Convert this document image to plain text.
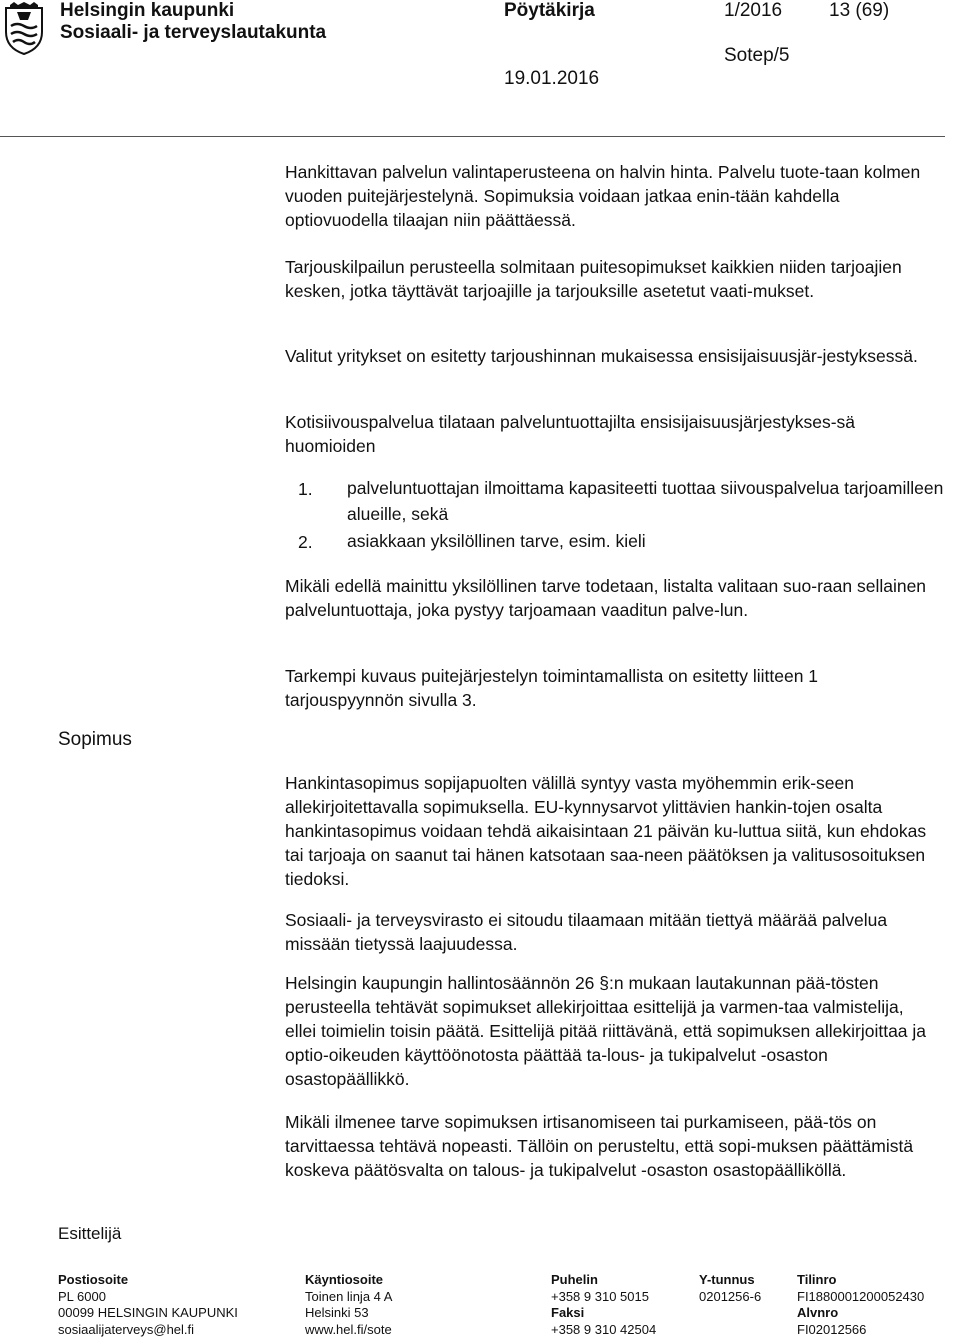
Helsingin kaupunki
Sosiaali- ja terveyslautakunta
Pöytäkirja	1/2016 13 (69)
Sotep/5
19.01.2016

Hankittavan palvelun valintaperusteena on halvin hinta. Palvelu tuote-taan kolmen vuoden puitejärjestelynä. Sopimuksia voidaan jatkaa enin-tään kahdella optiovuodella tilaajan niin päättäessä.

Tarjouskilpailun perusteella solmitaan puitesopimukset kaikkien niiden tarjoajien kesken, jotka täyttävät tarjoajille ja tarjouksille asetetut vaati-mukset.

Valitut yritykset on esitetty tarjoushinnan mukaisessa ensisijaisuusjär-jestyksessä.

Kotisiivouspalvelua tilataan palveluntuottajilta ensisijaisuusjärjestykses-sä huomioiden

1. palveluntuottajan ilmoittama kapasiteetti tuottaa siivouspalvelua tarjoamilleen alueille, sekä
2. asiakkaan yksilöllinen tarve, esim. kieli

Mikäli edellä mainittu yksilöllinen tarve todetaan, listalta valitaan suo-raan sellainen palveluntuottaja, joka pystyy tarjoamaan vaaditun palve-lun.

Tarkempi kuvaus puitejärjestelyn toimintamallista on esitetty liitteen 1 tarjouspyynnön sivulla 3.

Sopimus

Hankintasopimus sopijapuolten välillä syntyy vasta myöhemmin erik-seen allekirjoitettavalla sopimuksella. EU-kynnysarvot ylittävien hankin-tojen osalta hankintasopimus voidaan tehdä aikaisintaan 21 päivän ku-luttua siitä, kun ehdokas tai tarjoaja on saanut tai hänen katsotaan saa-neen päätöksen ja valitusosoituksen tiedoksi.

Sosiaali- ja terveysvirasto ei sitoudu tilaamaan mitään tiettyä määrää palvelua missään tietyssä laajuudessa.

Helsingin kaupungin hallintosäännön 26 §:n mukaan lautakunnan pää-tösten perusteella tehtävät sopimukset allekirjoittaa esittelijä ja varmen-taa valmistelija, ellei toimielin toisin päätä. Esittelijä pitää riittävänä, että sopimuksen allekirjoittaa ja optio-oikeuden käyttöönotosta päättää ta-lous- ja tukipalvelut -osaston osastopäällikkö.

Mikäli ilmenee tarve sopimuksen irtisanomiseen tai purkamiseen, pää-tös on tarvittaessa tehtävä nopeasti. Tällöin on perusteltu, että sopi-muksen päättämistä koskeva päätösvalta on talous- ja tukipalvelut -osaston osastopäälliköllä.

Esittelijä
Postiosoite
PL 6000
00099 HELSINGIN KAUPUNKI
sosiaalijaterveys@hel.fi
Käyntiosoite
Toinen linja 4 A
Helsinki 53
www.hel.fi/sote
Puhelin
+358 9 310 5015
Faksi
+358 9 310 42504
Y-tunnus
0201256-6
Tilinro
FI1880001200052430
Alvnro
FI02012566
